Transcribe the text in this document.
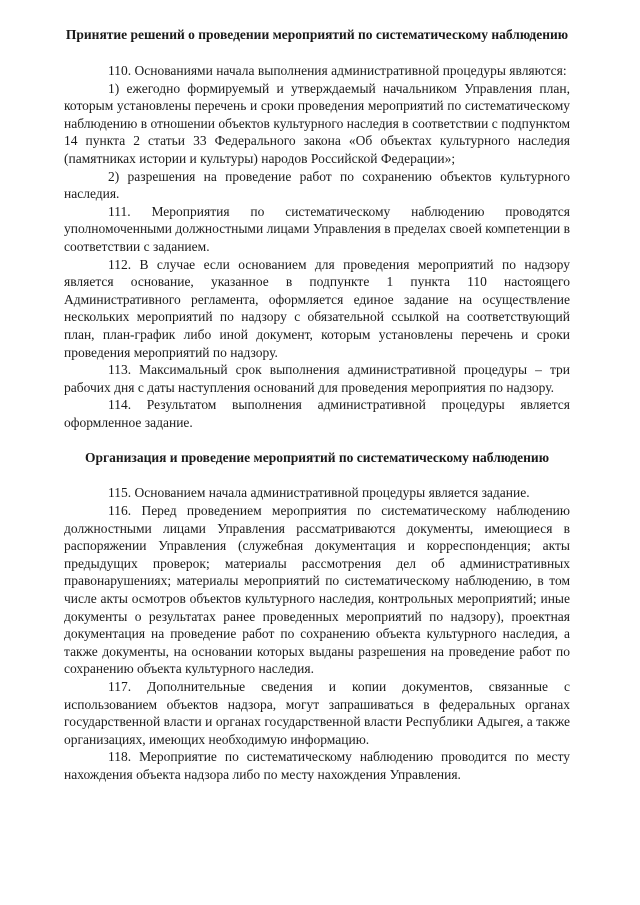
Принятие решений о проведении мероприятий по систематическому наблюдению

110. Основаниями начала выполнения административной процедуры являются:

1) ежегодно формируемый и утверждаемый начальником Управления план, которым установлены перечень и сроки проведения мероприятий по систематическому наблюдению в отношении объектов культурного наследия в соответствии с подпунктом 14 пункта 2 статьи 33 Федерального закона «Об объектах культурного наследия (памятниках истории и культуры) народов Российской Федерации»;

2) разрешения на проведение работ по сохранению объектов культурного наследия.

111. Мероприятия по систематическому наблюдению проводятся уполномоченными должностными лицами Управления в пределах своей компетенции в соответствии с заданием.

112. В случае если основанием для проведения мероприятий по надзору является основание, указанное в подпункте 1 пункта 110 настоящего Административного регламента, оформляется единое задание на осуществление нескольких мероприятий по надзору с обязательной ссылкой на соответствующий план, план-график либо иной документ, которым установлены перечень и сроки проведения мероприятий по надзору.

113. Максимальный срок выполнения административной процедуры – три рабочих дня с даты наступления оснований для проведения мероприятия по надзору.

114. Результатом выполнения административной процедуры является оформленное задание.

Организация и проведение мероприятий по систематическому наблюдению

115. Основанием начала административной процедуры является задание.

116. Перед проведением мероприятия по систематическому наблюдению должностными лицами Управления рассматриваются документы, имеющиеся в распоряжении Управления (служебная документация и корреспонденция; акты предыдущих проверок; материалы рассмотрения дел об административных правонарушениях; материалы мероприятий по систематическому наблюдению, в том числе акты осмотров объектов культурного наследия, контрольных мероприятий; иные документы о результатах ранее проведенных мероприятий по надзору), проектная документация на проведение работ по сохранению объекта культурного наследия, а также документы, на основании которых выданы разрешения на проведение работ по сохранению объекта культурного наследия.

117. Дополнительные сведения и копии документов, связанные с использованием объектов надзора, могут запрашиваться в федеральных органах государственной власти и органах государственной власти Республики Адыгея, а также организациях, имеющих необходимую информацию.

118. Мероприятие по систематическому наблюдению проводится по месту нахождения объекта надзора либо по месту нахождения Управления.
